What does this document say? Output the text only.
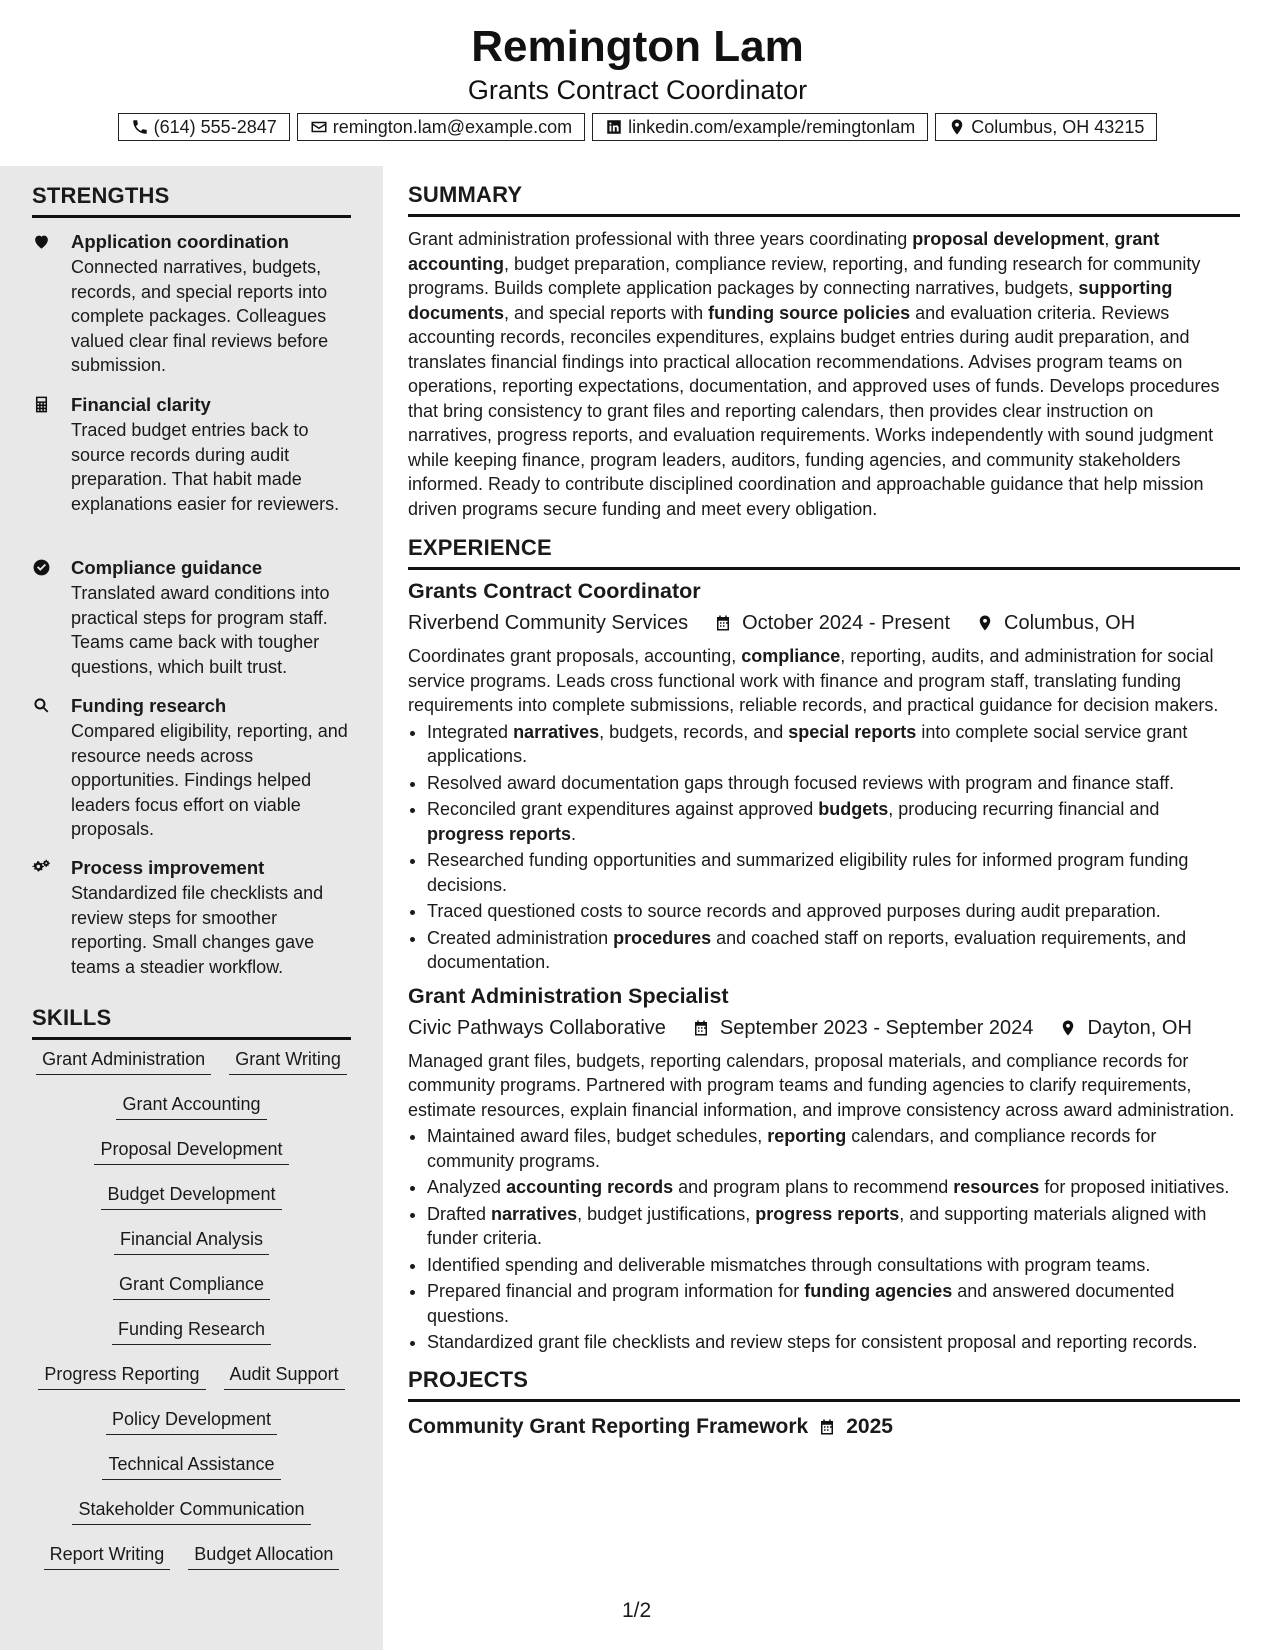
Remington Lam
Grants Contract Coordinator
(614) 555-2847	remington.lam@example.com	linkedin.com/example/remingtonlam	Columbus, OH 43215
STRENGTHS
Application coordination
Connected narratives, budgets, records, and special reports into complete packages. Colleagues valued clear final reviews before submission.
Financial clarity
Traced budget entries back to source records during audit preparation. That habit made explanations easier for reviewers.
Compliance guidance
Translated award conditions into practical steps for program staff. Teams came back with tougher questions, which built trust.
Funding research
Compared eligibility, reporting, and resource needs across opportunities. Findings helped leaders focus effort on viable proposals.
Process improvement
Standardized file checklists and review steps for smoother reporting. Small changes gave teams a steadier workflow.
SKILLS
Grant Administration	Grant Writing
Grant Accounting
Proposal Development
Budget Development
Financial Analysis
Grant Compliance
Funding Research
Progress Reporting	Audit Support
Policy Development
Technical Assistance
Stakeholder Communication
Report Writing	Budget Allocation
SUMMARY

Grant administration professional with three years coordinating proposal development, grant accounting, budget preparation, compliance review, reporting, and funding research for community programs. Builds complete application packages by connecting narratives, budgets, supporting documents, and special reports with funding source policies and evaluation criteria. Reviews accounting records, reconciles expenditures, explains budget entries during audit preparation, and translates financial findings into practical allocation recommendations. Advises program teams on operations, reporting expectations, documentation, and approved uses of funds. Develops procedures that bring consistency to grant files and reporting calendars, then provides clear instruction on narratives, progress reports, and evaluation requirements. Works independently with sound judgment while keeping finance, program leaders, auditors, funding agencies, and community stakeholders informed. Ready to contribute disciplined coordination and approachable guidance that help mission driven programs secure funding and meet every obligation.

EXPERIENCE
Grants Contract Coordinator
Riverbend Community Services	October 2024 - Present	Columbus, OH
Coordinates grant proposals, accounting, compliance, reporting, audits, and administration for social service programs. Leads cross functional work with finance and program staff, translating funding requirements into complete submissions, reliable records, and practical guidance for decision makers.
• Integrated narratives, budgets, records, and special reports into complete social service grant applications.
• Resolved award documentation gaps through focused reviews with program and finance staff.
• Reconciled grant expenditures against approved budgets, producing recurring financial and progress reports.
• Researched funding opportunities and summarized eligibility rules for informed program funding decisions.
• Traced questioned costs to source records and approved purposes during audit preparation.
• Created administration procedures and coached staff on reports, evaluation requirements, and documentation.
Grant Administration Specialist
Civic Pathways Collaborative	September 2023 - September 2024	Dayton, OH
Managed grant files, budgets, reporting calendars, proposal materials, and compliance records for community programs. Partnered with program teams and funding agencies to clarify requirements, estimate resources, explain financial information, and improve consistency across award administration.
• Maintained award files, budget schedules, reporting calendars, and compliance records for community programs.
• Analyzed accounting records and program plans to recommend resources for proposed initiatives.
• Drafted narratives, budget justifications, progress reports, and supporting materials aligned with funder criteria.
• Identified spending and deliverable mismatches through consultations with program teams.
• Prepared financial and program information for funding agencies and answered documented questions.
• Standardized grant file checklists and review steps for consistent proposal and reporting records.
PROJECTS
Community Grant Reporting Framework 2025
1/2
